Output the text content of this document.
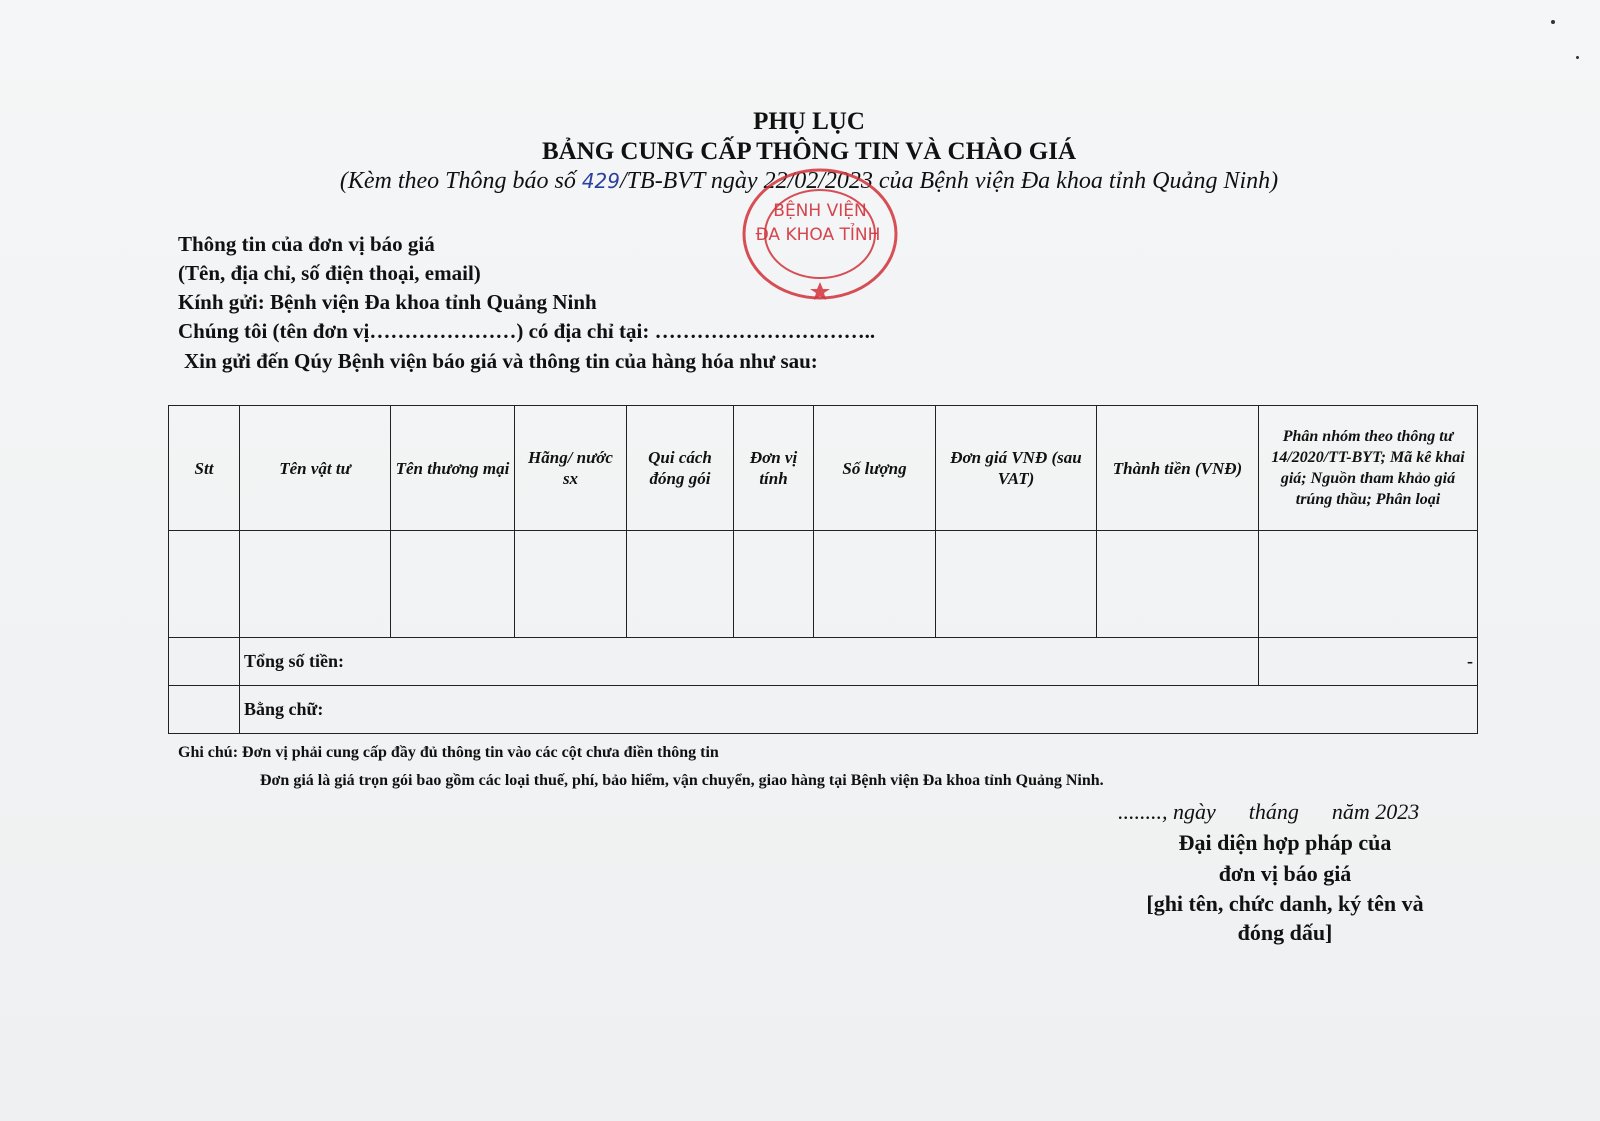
PHỤ LỤC
BẢNG CUNG CẤP THÔNG TIN VÀ CHÀO GIÁ
(Kèm theo Thông báo số 429/TB-BVT ngày 22/02/2023 của Bệnh viện Đa khoa tỉnh Quảng Ninh)
BỆNH VIỆN
ĐA KHOA TỈNH
Thông tin của đơn vị báo giá
(Tên, địa chỉ, số điện thoại, email)
Kính gửi: Bệnh viện Đa khoa tỉnh Quảng Ninh
Chúng tôi (tên đơn vị…………………) có địa chỉ tại: …………………………..
Xin gửi đến Qúy Bệnh viện báo giá và thông tin của hàng hóa như sau:
Stt	Tên vật tư	Tên thương mại	Hãng/ nước sx	Qui cách đóng gói	Đơn vị tính	Số lượng	Đơn giá VNĐ (sau VAT)	Thành tiền (VNĐ)	Phân nhóm theo thông tư 14/2020/TT-BYT; Mã kê khai giá; Nguồn tham khảo giá trúng thầu; Phân loại

	Tổng số tiền:								-
	Bằng chữ:								
Ghi chú: Đơn vị phải cung cấp đầy đủ thông tin vào các cột chưa điền thông tin
Đơn giá là giá trọn gói bao gồm các loại thuế, phí, bảo hiểm, vận chuyển, giao hàng tại Bệnh viện Đa khoa tỉnh Quảng Ninh.
........, ngày      tháng      năm 2023
Đại diện hợp pháp của
đơn vị báo giá
[ghi tên, chức danh, ký tên và
đóng dấu]
